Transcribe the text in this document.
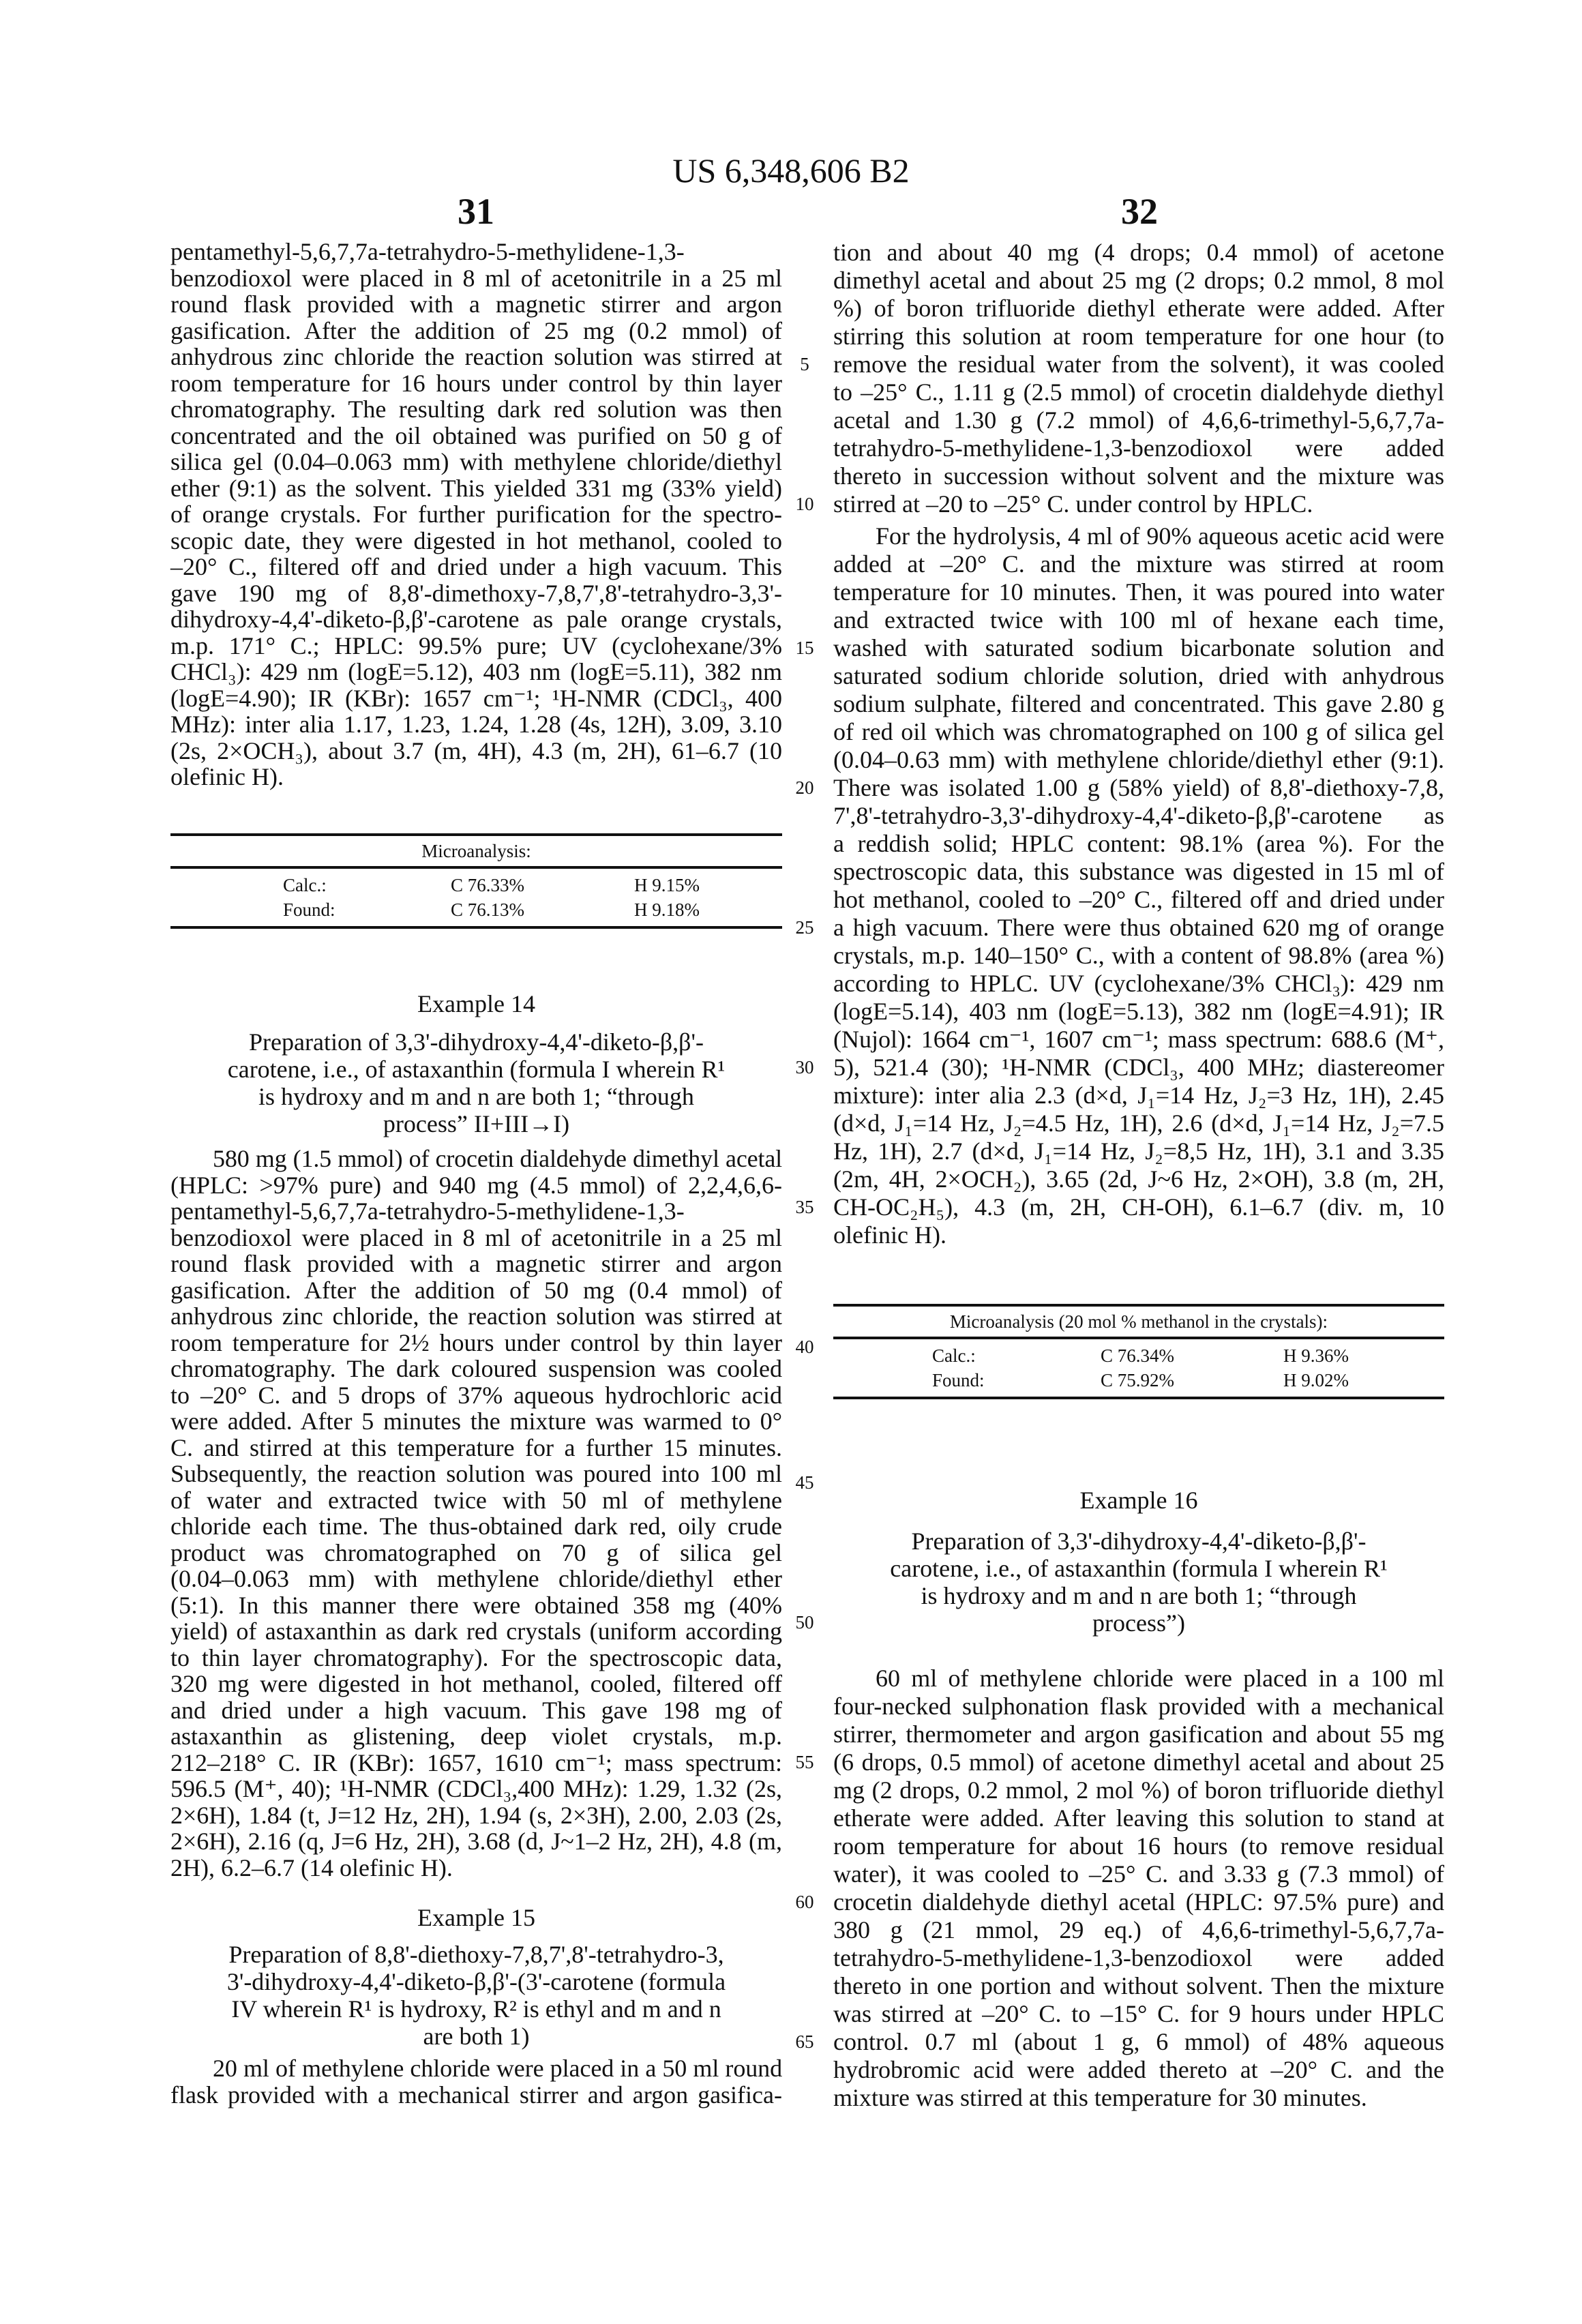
US 6,348,606 B2
31	32
5
10
15
20
25
30
35
40
45
50
55
60
65
pentamethyl-5,6,7,7a-tetrahydro-5-methylidene-1,3-
benzodioxol were placed in 8 ml of acetonitrile in a 25 ml
round flask provided with a magnetic stirrer and argon
gasification. After the addition of 25 mg (0.2 mmol) of
anhydrous zinc chloride the reaction solution was stirred at
room temperature for 16 hours under control by thin layer
chromatography. The resulting dark red solution was then
concentrated and the oil obtained was purified on 50 g of
silica gel (0.04–0.063 mm) with methylene chloride/diethyl
ether (9:1) as the solvent. This yielded 331 mg (33% yield)
of orange crystals. For further purification for the spectro-
scopic date, they were digested in hot methanol, cooled to
–20° C., filtered off and dried under a high vacuum. This
gave 190 mg of 8,8'-dimethoxy-7,8,7',8'-tetrahydro-3,3'-
dihydroxy-4,4'-diketo-β,β'-carotene as pale orange crystals,
m.p. 171° C.; HPLC: 99.5% pure; UV (cyclohexane/3%
CHCl₃): 429 nm (logE=5.12), 403 nm (logE=5.11), 382 nm
(logE=4.90); IR (KBr): 1657 cm⁻¹; ¹H-NMR (CDCl₃, 400
MHz): inter alia 1.17, 1.23, 1.24, 1.28 (4s, 12H), 3.09, 3.10
(2s, 2×OCH₃), about 3.7 (m, 4H), 4.3 (m, 2H), 61–6.7 (10
olefinic H).
Microanalysis:
Calc.:	C 76.33%	H 9.15%
Found:	C 76.13%	H 9.18%
Example 14
Preparation of 3,3'-dihydroxy-4,4'-diketo-β,β'-
carotene, i.e., of astaxanthin (formula I wherein R¹
is hydroxy and m and n are both 1; “through
process” II+III→I)
580 mg (1.5 mmol) of crocetin dialdehyde dimethyl acetal
(HPLC: >97% pure) and 940 mg (4.5 mmol) of 2,2,4,6,6-
pentamethyl-5,6,7,7a-tetrahydro-5-methylidene-1,3-
benzodioxol were placed in 8 ml of acetonitrile in a 25 ml
round flask provided with a magnetic stirrer and argon
gasification. After the addition of 50 mg (0.4 mmol) of
anhydrous zinc chloride, the reaction solution was stirred at
room temperature for 2½ hours under control by thin layer
chromatography. The dark coloured suspension was cooled
to –20° C. and 5 drops of 37% aqueous hydrochloric acid
were added. After 5 minutes the mixture was warmed to 0°
C. and stirred at this temperature for a further 15 minutes.
Subsequently, the reaction solution was poured into 100 ml
of water and extracted twice with 50 ml of methylene
chloride each time. The thus-obtained dark red, oily crude
product was chromatographed on 70 g of silica gel
(0.04–0.063 mm) with methylene chloride/diethyl ether
(5:1). In this manner there were obtained 358 mg (40%
yield) of astaxanthin as dark red crystals (uniform according
to thin layer chromatography). For the spectroscopic data,
320 mg were digested in hot methanol, cooled, filtered off
and dried under a high vacuum. This gave 198 mg of
astaxanthin as glistening, deep violet crystals, m.p.
212–218° C. IR (KBr): 1657, 1610 cm⁻¹; mass spectrum:
596.5 (M⁺, 40); ¹H-NMR (CDCl₃,400 MHz): 1.29, 1.32 (2s,
2×6H), 1.84 (t, J=12 Hz, 2H), 1.94 (s, 2×3H), 2.00, 2.03 (2s,
2×6H), 2.16 (q, J=6 Hz, 2H), 3.68 (d, J~1–2 Hz, 2H), 4.8 (m,
2H), 6.2–6.7 (14 olefinic H).
Example 15
Preparation of 8,8'-diethoxy-7,8,7',8'-tetrahydro-3,
3'-dihydroxy-4,4'-diketo-β,β'-(3'-carotene (formula
IV wherein R¹ is hydroxy, R² is ethyl and m and n
are both 1)
20 ml of methylene chloride were placed in a 50 ml round
flask provided with a mechanical stirrer and argon gasifica-
tion and about 40 mg (4 drops; 0.4 mmol) of acetone
dimethyl acetal and about 25 mg (2 drops; 0.2 mmol, 8 mol
%) of boron trifluoride diethyl etherate were added. After
stirring this solution at room temperature for one hour (to
remove the residual water from the solvent), it was cooled
to –25° C., 1.11 g (2.5 mmol) of crocetin dialdehyde diethyl
acetal and 1.30 g (7.2 mmol) of 4,6,6-trimethyl-5,6,7,7a-
tetrahydro-5-methylidene-1,3-benzodioxol were added
thereto in succession without solvent and the mixture was
stirred at –20 to –25° C. under control by HPLC.
For the hydrolysis, 4 ml of 90% aqueous acetic acid were
added at –20° C. and the mixture was stirred at room
temperature for 10 minutes. Then, it was poured into water
and extracted twice with 100 ml of hexane each time,
washed with saturated sodium bicarbonate solution and
saturated sodium chloride solution, dried with anhydrous
sodium sulphate, filtered and concentrated. This gave 2.80 g
of red oil which was chromatographed on 100 g of silica gel
(0.04–0.63 mm) with methylene chloride/diethyl ether (9:1).
There was isolated 1.00 g (58% yield) of 8,8'-diethoxy-7,8,
7',8'-tetrahydro-3,3'-dihydroxy-4,4'-diketo-β,β'-carotene as
a reddish solid; HPLC content: 98.1% (area %). For the
spectroscopic data, this substance was digested in 15 ml of
hot methanol, cooled to –20° C., filtered off and dried under
a high vacuum. There were thus obtained 620 mg of orange
crystals, m.p. 140–150° C., with a content of 98.8% (area %)
according to HPLC. UV (cyclohexane/3% CHCl₃): 429 nm
(logE=5.14), 403 nm (logE=5.13), 382 nm (logE=4.91); IR
(Nujol): 1664 cm⁻¹, 1607 cm⁻¹; mass spectrum: 688.6 (M⁺,
5), 521.4 (30); ¹H-NMR (CDCl₃, 400 MHz; diastereomer
mixture): inter alia 2.3 (d×d, J₁=14 Hz, J₂=3 Hz, 1H), 2.45
(d×d, J₁=14 Hz, J₂=4.5 Hz, 1H), 2.6 (d×d, J₁=14 Hz, J₂=7.5
Hz, 1H), 2.7 (d×d, J₁=14 Hz, J₂=8,5 Hz, 1H), 3.1 and 3.35
(2m, 4H, 2×OCH₂), 3.65 (2d, J~6 Hz, 2×OH), 3.8 (m, 2H,
CH-OC₂H₅), 4.3 (m, 2H, CH-OH), 6.1–6.7 (div. m, 10
olefinic H).
Microanalysis (20 mol % methanol in the crystals):
Calc.:	C 76.34%	H 9.36%
Found:	C 75.92%	H 9.02%
Example 16
Preparation of 3,3'-dihydroxy-4,4'-diketo-β,β'-
carotene, i.e., of astaxanthin (formula I wherein R¹
is hydroxy and m and n are both 1; “through
process”)
60 ml of methylene chloride were placed in a 100 ml
four-necked sulphonation flask provided with a mechanical
stirrer, thermometer and argon gasification and about 55 mg
(6 drops, 0.5 mmol) of acetone dimethyl acetal and about 25
mg (2 drops, 0.2 mmol, 2 mol %) of boron trifluoride diethyl
etherate were added. After leaving this solution to stand at
room temperature for about 16 hours (to remove residual
water), it was cooled to –25° C. and 3.33 g (7.3 mmol) of
crocetin dialdehyde diethyl acetal (HPLC: 97.5% pure) and
380 g (21 mmol, 29 eq.) of 4,6,6-trimethyl-5,6,7,7a-
tetrahydro-5-methylidene-1,3-benzodioxol were added
thereto in one portion and without solvent. Then the mixture
was stirred at –20° C. to –15° C. for 9 hours under HPLC
control. 0.7 ml (about 1 g, 6 mmol) of 48% aqueous
hydrobromic acid were added thereto at –20° C. and the
mixture was stirred at this temperature for 30 minutes.
